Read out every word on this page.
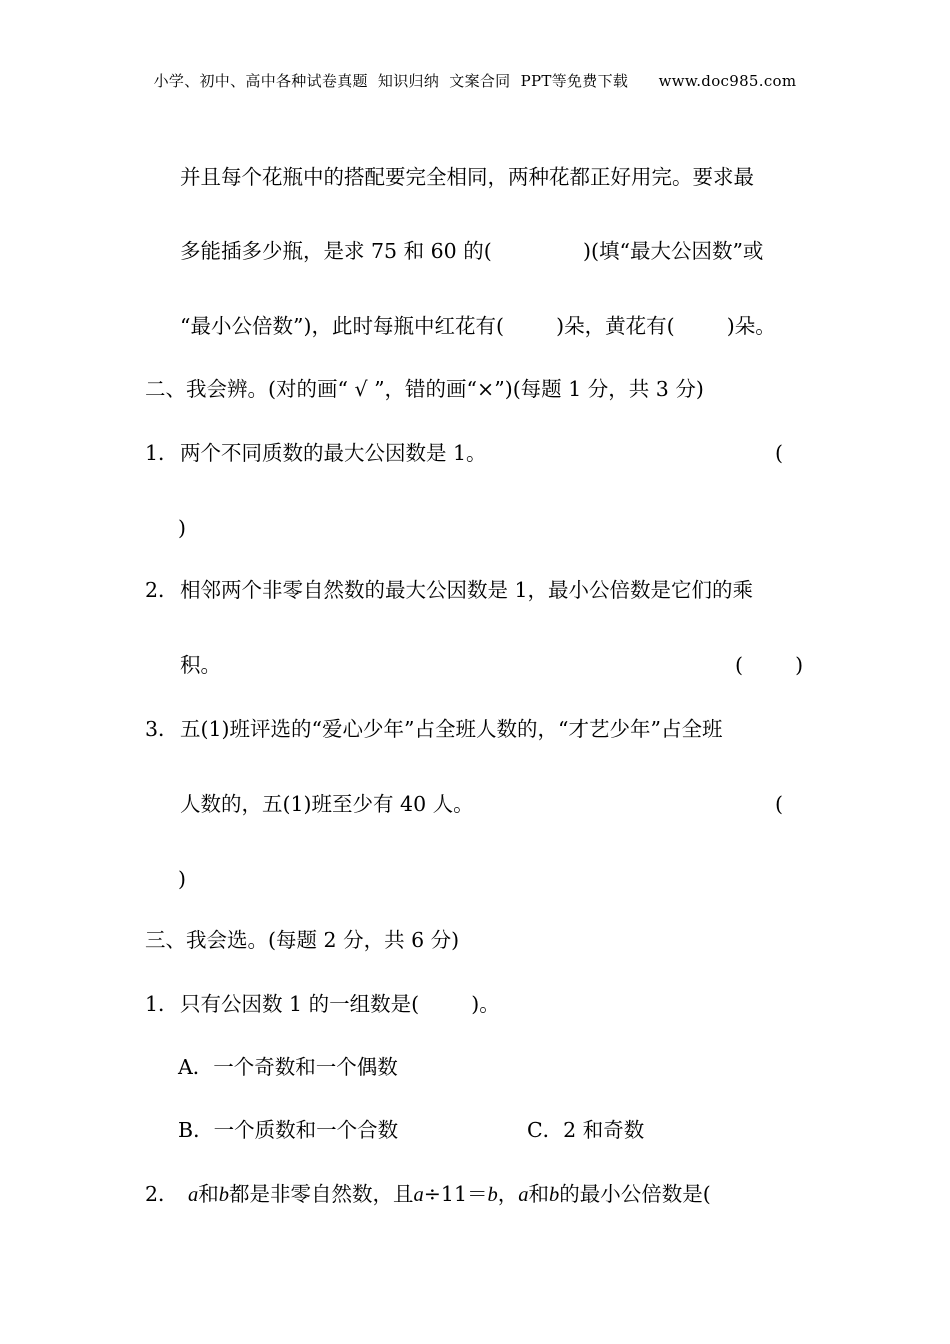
小学、初中、高中各种试卷真题  知识归纳  文案合同  PPT等免费下载      www.doc985.com
并且每个花瓶中的搭配要完全相同，两种花都正好用完。要求最
多能插多少瓶，是求 75 和 60 的(              )(填“最大公因数”或
“最小公倍数”)，此时每瓶中红花有(        )朵，黄花有(        )朵。
二、我会辨。(对的画“ √ ”，错的画“×”)(每题 1 分，共 3 分)
1． 两个不同质数的最大公因数是 1。	(
)
2． 相邻两个非零自然数的最大公因数是 1，最小公倍数是它们的乘
积。	(        )
3． 五(1)班评选的“爱心少年”占全班人数的，“才艺少年”占全班
人数的，五(1)班至少有 40 人。	(
)
三、我会选。(每题 2 分，共 6 分)
1． 只有公因数 1 的一组数是(        )。
A．一个奇数和一个偶数
B．一个质数和一个合数	C．2 和奇数
2． a和b都是非零自然数，且a÷11＝b，a和b的最小公倍数是(
